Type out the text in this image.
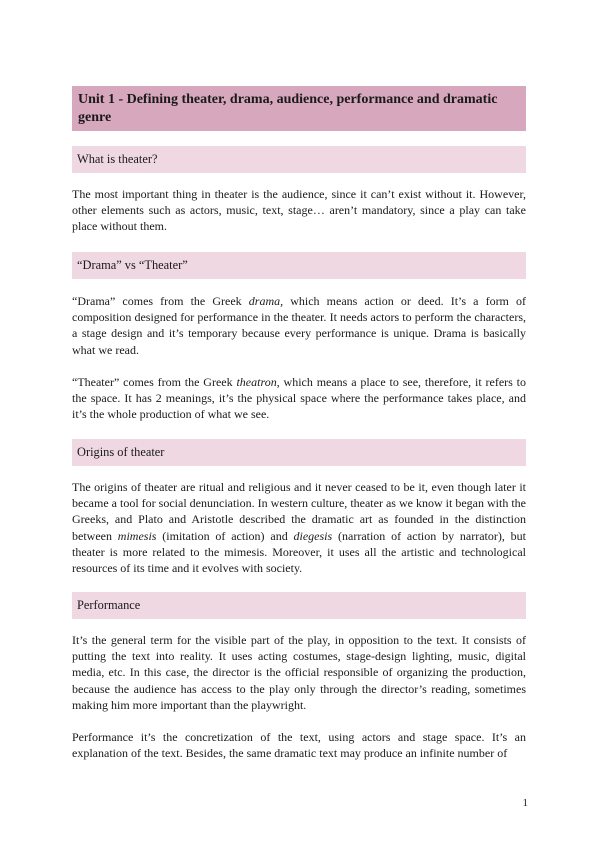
Unit 1 - Defining theater, drama, audience, performance and dramatic genre
What is theater?
The most important thing in theater is the audience, since it can’t exist without it. However, other elements such as actors, music, text, stage… aren’t mandatory, since a play can take place without them.
“Drama” vs “Theater”
“Drama” comes from the Greek drama, which means action or deed. It’s a form of composition designed for performance in the theater. It needs actors to perform the characters, a stage design and it’s temporary because every performance is unique. Drama is basically what we read.
“Theater” comes from the Greek theatron, which means a place to see, therefore, it refers to the space. It has 2 meanings, it’s the physical space where the performance takes place, and it’s the whole production of what we see.
Origins of theater
The origins of theater are ritual and religious and it never ceased to be it, even though later it became a tool for social denunciation. In western culture, theater as we know it began with the Greeks, and Plato and Aristotle described the dramatic art as founded in the distinction between mimesis (imitation of action) and diegesis (narration of action by narrator), but theater is more related to the mimesis. Moreover, it uses all the artistic and technological resources of its time and it evolves with society.
Performance
It’s the general term for the visible part of the play, in opposition to the text. It consists of putting the text into reality. It uses acting costumes, stage-design lighting, music, digital media, etc. In this case, the director is the official responsible of organizing the production, because the audience has access to the play only through the director’s reading, sometimes making him more important than the playwright.
Performance it’s the concretization of the text, using actors and stage space. It’s an explanation of the text. Besides, the same dramatic text may produce an infinite number of
1
